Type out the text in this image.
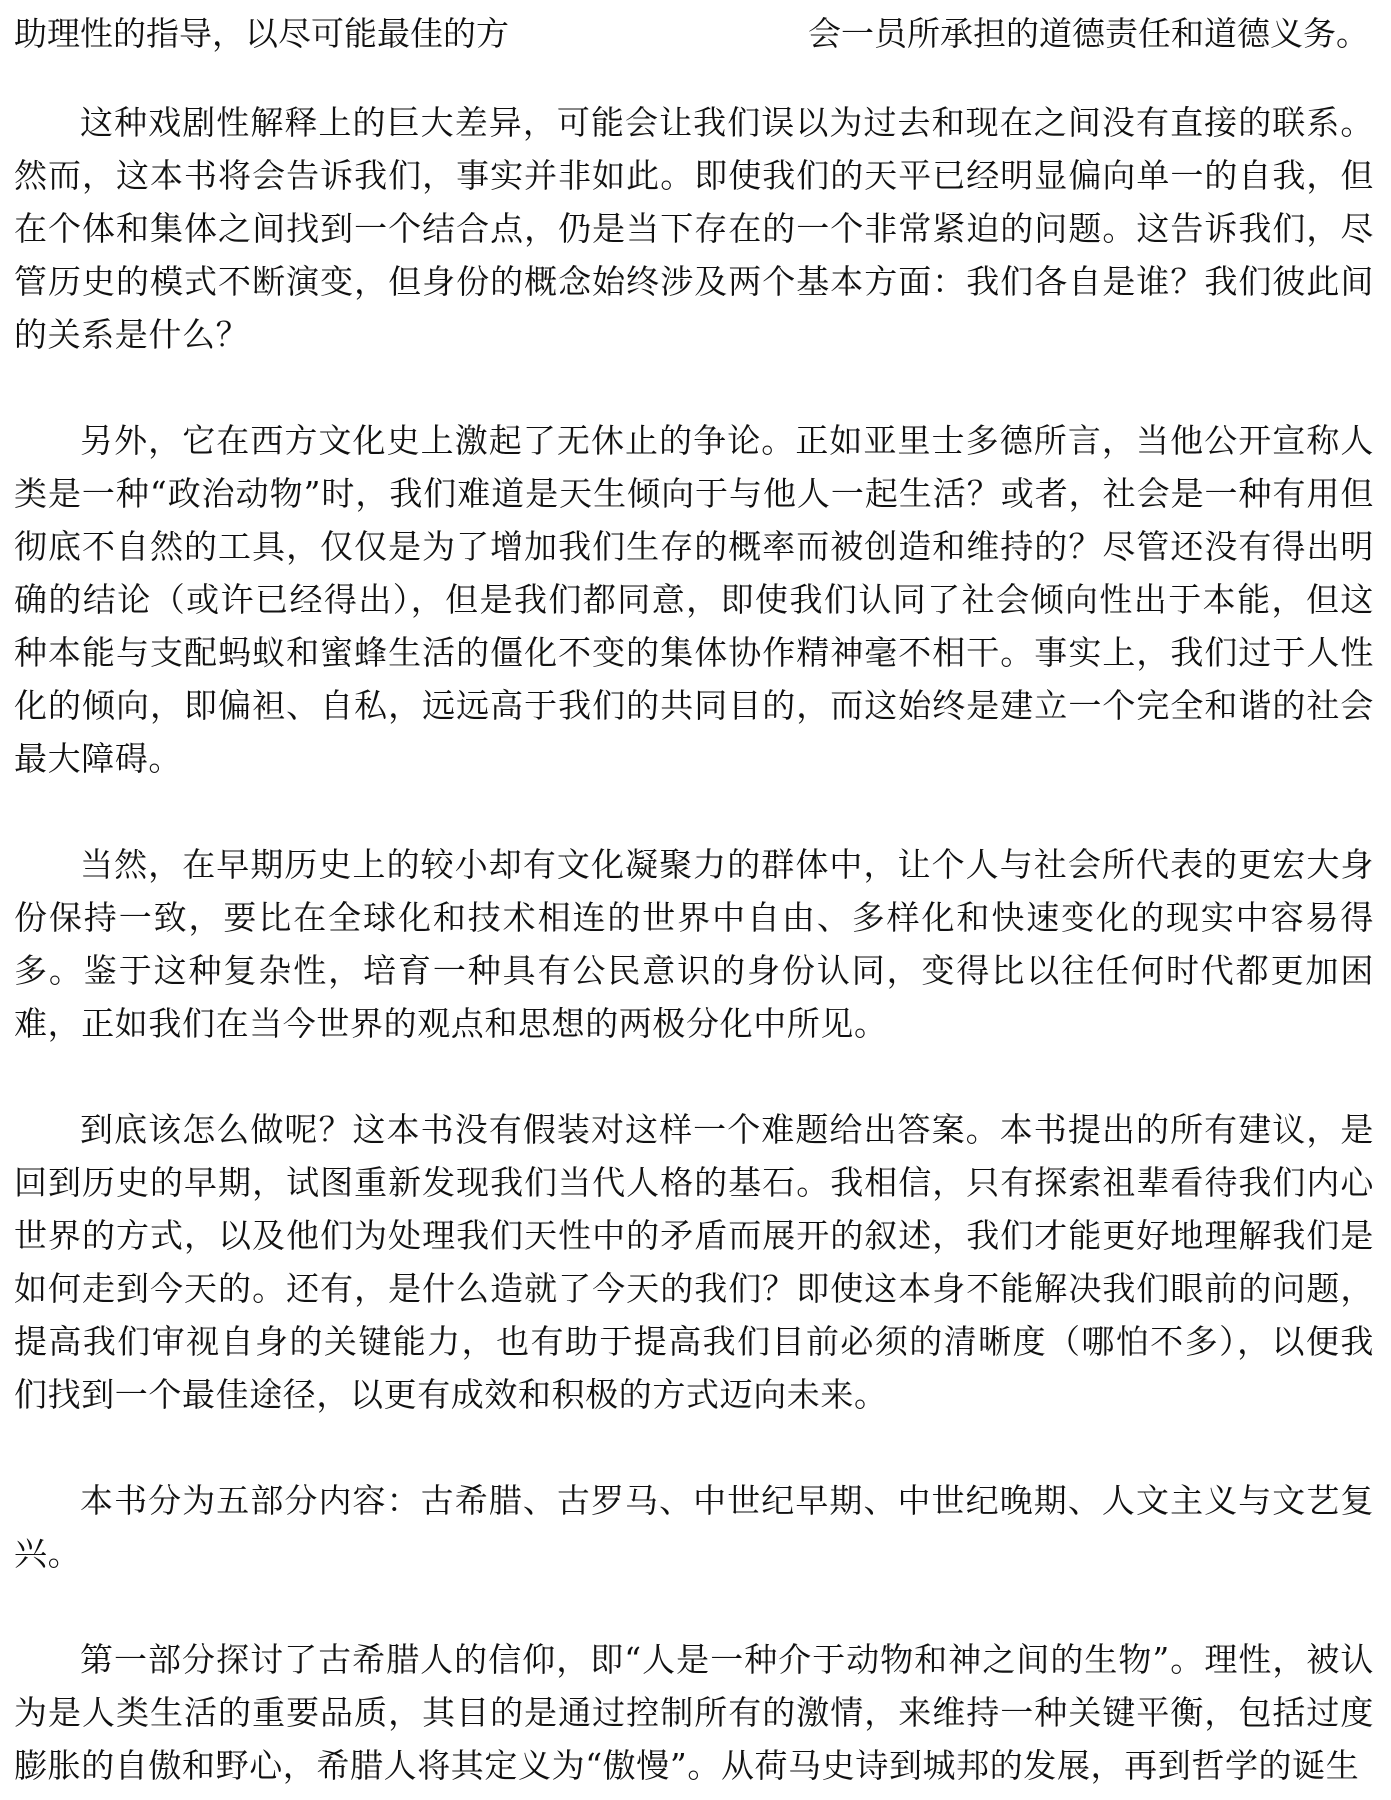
助理性的指导，以尽可能最佳的方	会一员所承担的道德责任和道德义务。

这种戏剧性解释上的巨大差异，可能会让我们误以为过去和现在之间没有直接的联系。然而，这本书将会告诉我们，事实并非如此。即使我们的天平已经明显偏向单一的自我，但在个体和集体之间找到一个结合点，仍是当下存在的一个非常紧迫的问题。这告诉我们，尽管历史的模式不断演变，但身份的概念始终涉及两个基本方面：我们各自是谁？我们彼此间的关系是什么？

另外，它在西方文化史上激起了无休止的争论。正如亚里士多德所言，当他公开宣称人类是一种“政治动物”时，我们难道是天生倾向于与他人一起生活？或者，社会是一种有用但彻底不自然的工具，仅仅是为了增加我们生存的概率而被创造和维持的？尽管还没有得出明确的结论（或许已经得出），但是我们都同意，即使我们认同了社会倾向性出于本能，但这种本能与支配蚂蚁和蜜蜂生活的僵化不变的集体协作精神毫不相干。事实上，我们过于人性化的倾向，即偏袒、自私，远远高于我们的共同目的，而这始终是建立一个完全和谐的社会最大障碍。

当然，在早期历史上的较小却有文化凝聚力的群体中，让个人与社会所代表的更宏大身份保持一致，要比在全球化和技术相连的世界中自由、多样化和快速变化的现实中容易得多。鉴于这种复杂性，培育一种具有公民意识的身份认同，变得比以往任何时代都更加困难，正如我们在当今世界的观点和思想的两极分化中所见。

到底该怎么做呢？这本书没有假装对这样一个难题给出答案。本书提出的所有建议，是回到历史的早期，试图重新发现我们当代人格的基石。我相信，只有探索祖辈看待我们内心世界的方式，以及他们为处理我们天性中的矛盾而展开的叙述，我们才能更好地理解我们是如何走到今天的。还有，是什么造就了今天的我们？即使这本身不能解决我们眼前的问题，提高我们审视自身的关键能力，也有助于提高我们目前必须的清晰度（哪怕不多），以便我们找到一个最佳途径，以更有成效和积极的方式迈向未来。

本书分为五部分内容：古希腊、古罗马、中世纪早期、中世纪晚期、人文主义与文艺复兴。

第一部分探讨了古希腊人的信仰，即“人是一种介于动物和神之间的生物”。理性，被认为是人类生活的重要品质，其目的是通过控制所有的激情，来维持一种关键平衡，包括过度膨胀的自傲和野心，希腊人将其定义为“傲慢”。从荷马史诗到城邦的发展，再到哲学的诞生
